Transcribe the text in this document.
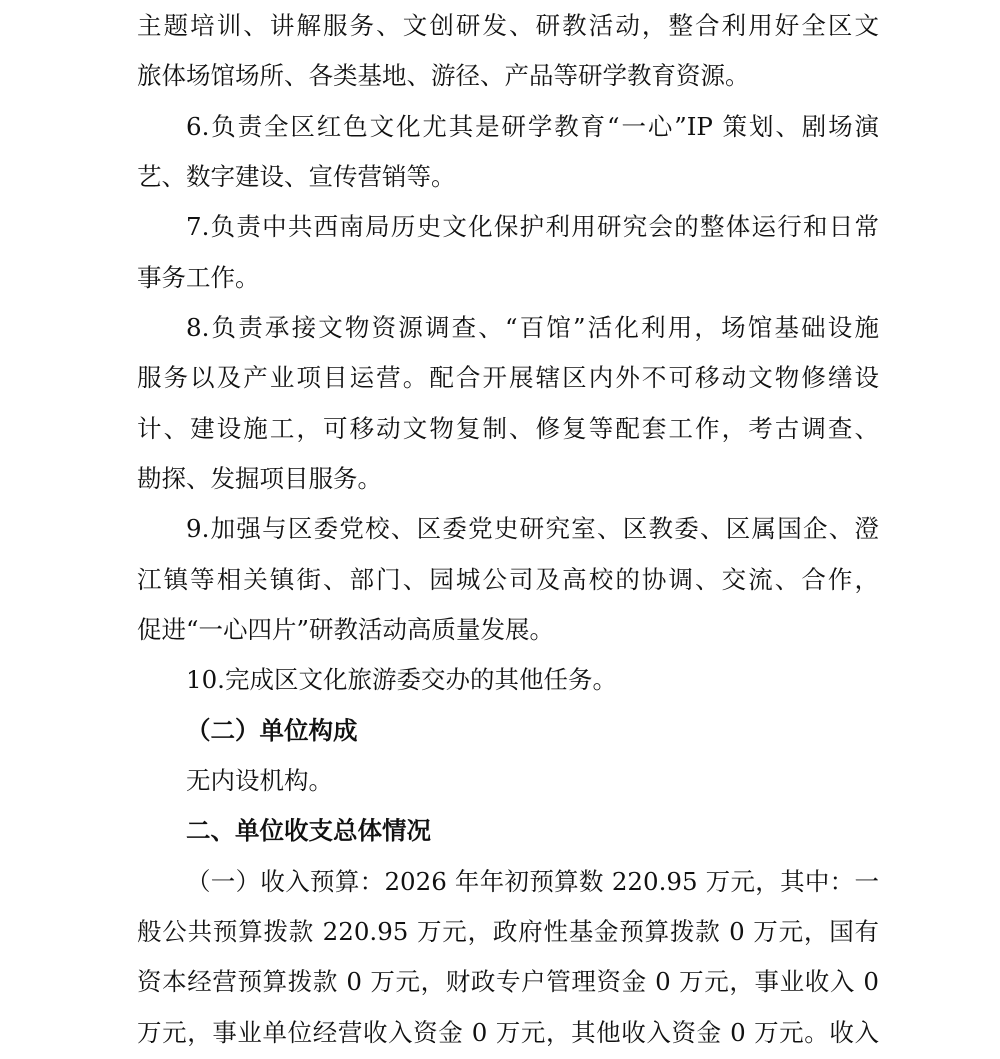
主题培训、讲解服务、文创研发、研教活动，整合利用好全区文
旅体场馆场所、各类基地、游径、产品等研学教育资源。
6.负责全区红色文化尤其是研学教育“一心”IP 策划、剧场演
艺、数字建设、宣传营销等。
7.负责中共西南局历史文化保护利用研究会的整体运行和日常
事务工作。
8.负责承接文物资源调查、“百馆”活化利用，场馆基础设施
服务以及产业项目运营。配合开展辖区内外不可移动文物修缮设
计、建设施工，可移动文物复制、修复等配套工作，考古调查、
勘探、发掘项目服务。
9.加强与区委党校、区委党史研究室、区教委、区属国企、澄
江镇等相关镇街、部门、园城公司及高校的协调、交流、合作，
促进“一心四片”研教活动高质量发展。
10.完成区文化旅游委交办的其他任务。
（二）单位构成
无内设机构。
二、单位收支总体情况
（一）收入预算：2026 年年初预算数 220.95 万元，其中：一
般公共预算拨款 220.95 万元，政府性基金预算拨款 0 万元，国有
资本经营预算拨款 0 万元，财政专户管理资金 0 万元，事业收入 0
万元，事业单位经营收入资金 0 万元，其他收入资金 0 万元。收入
